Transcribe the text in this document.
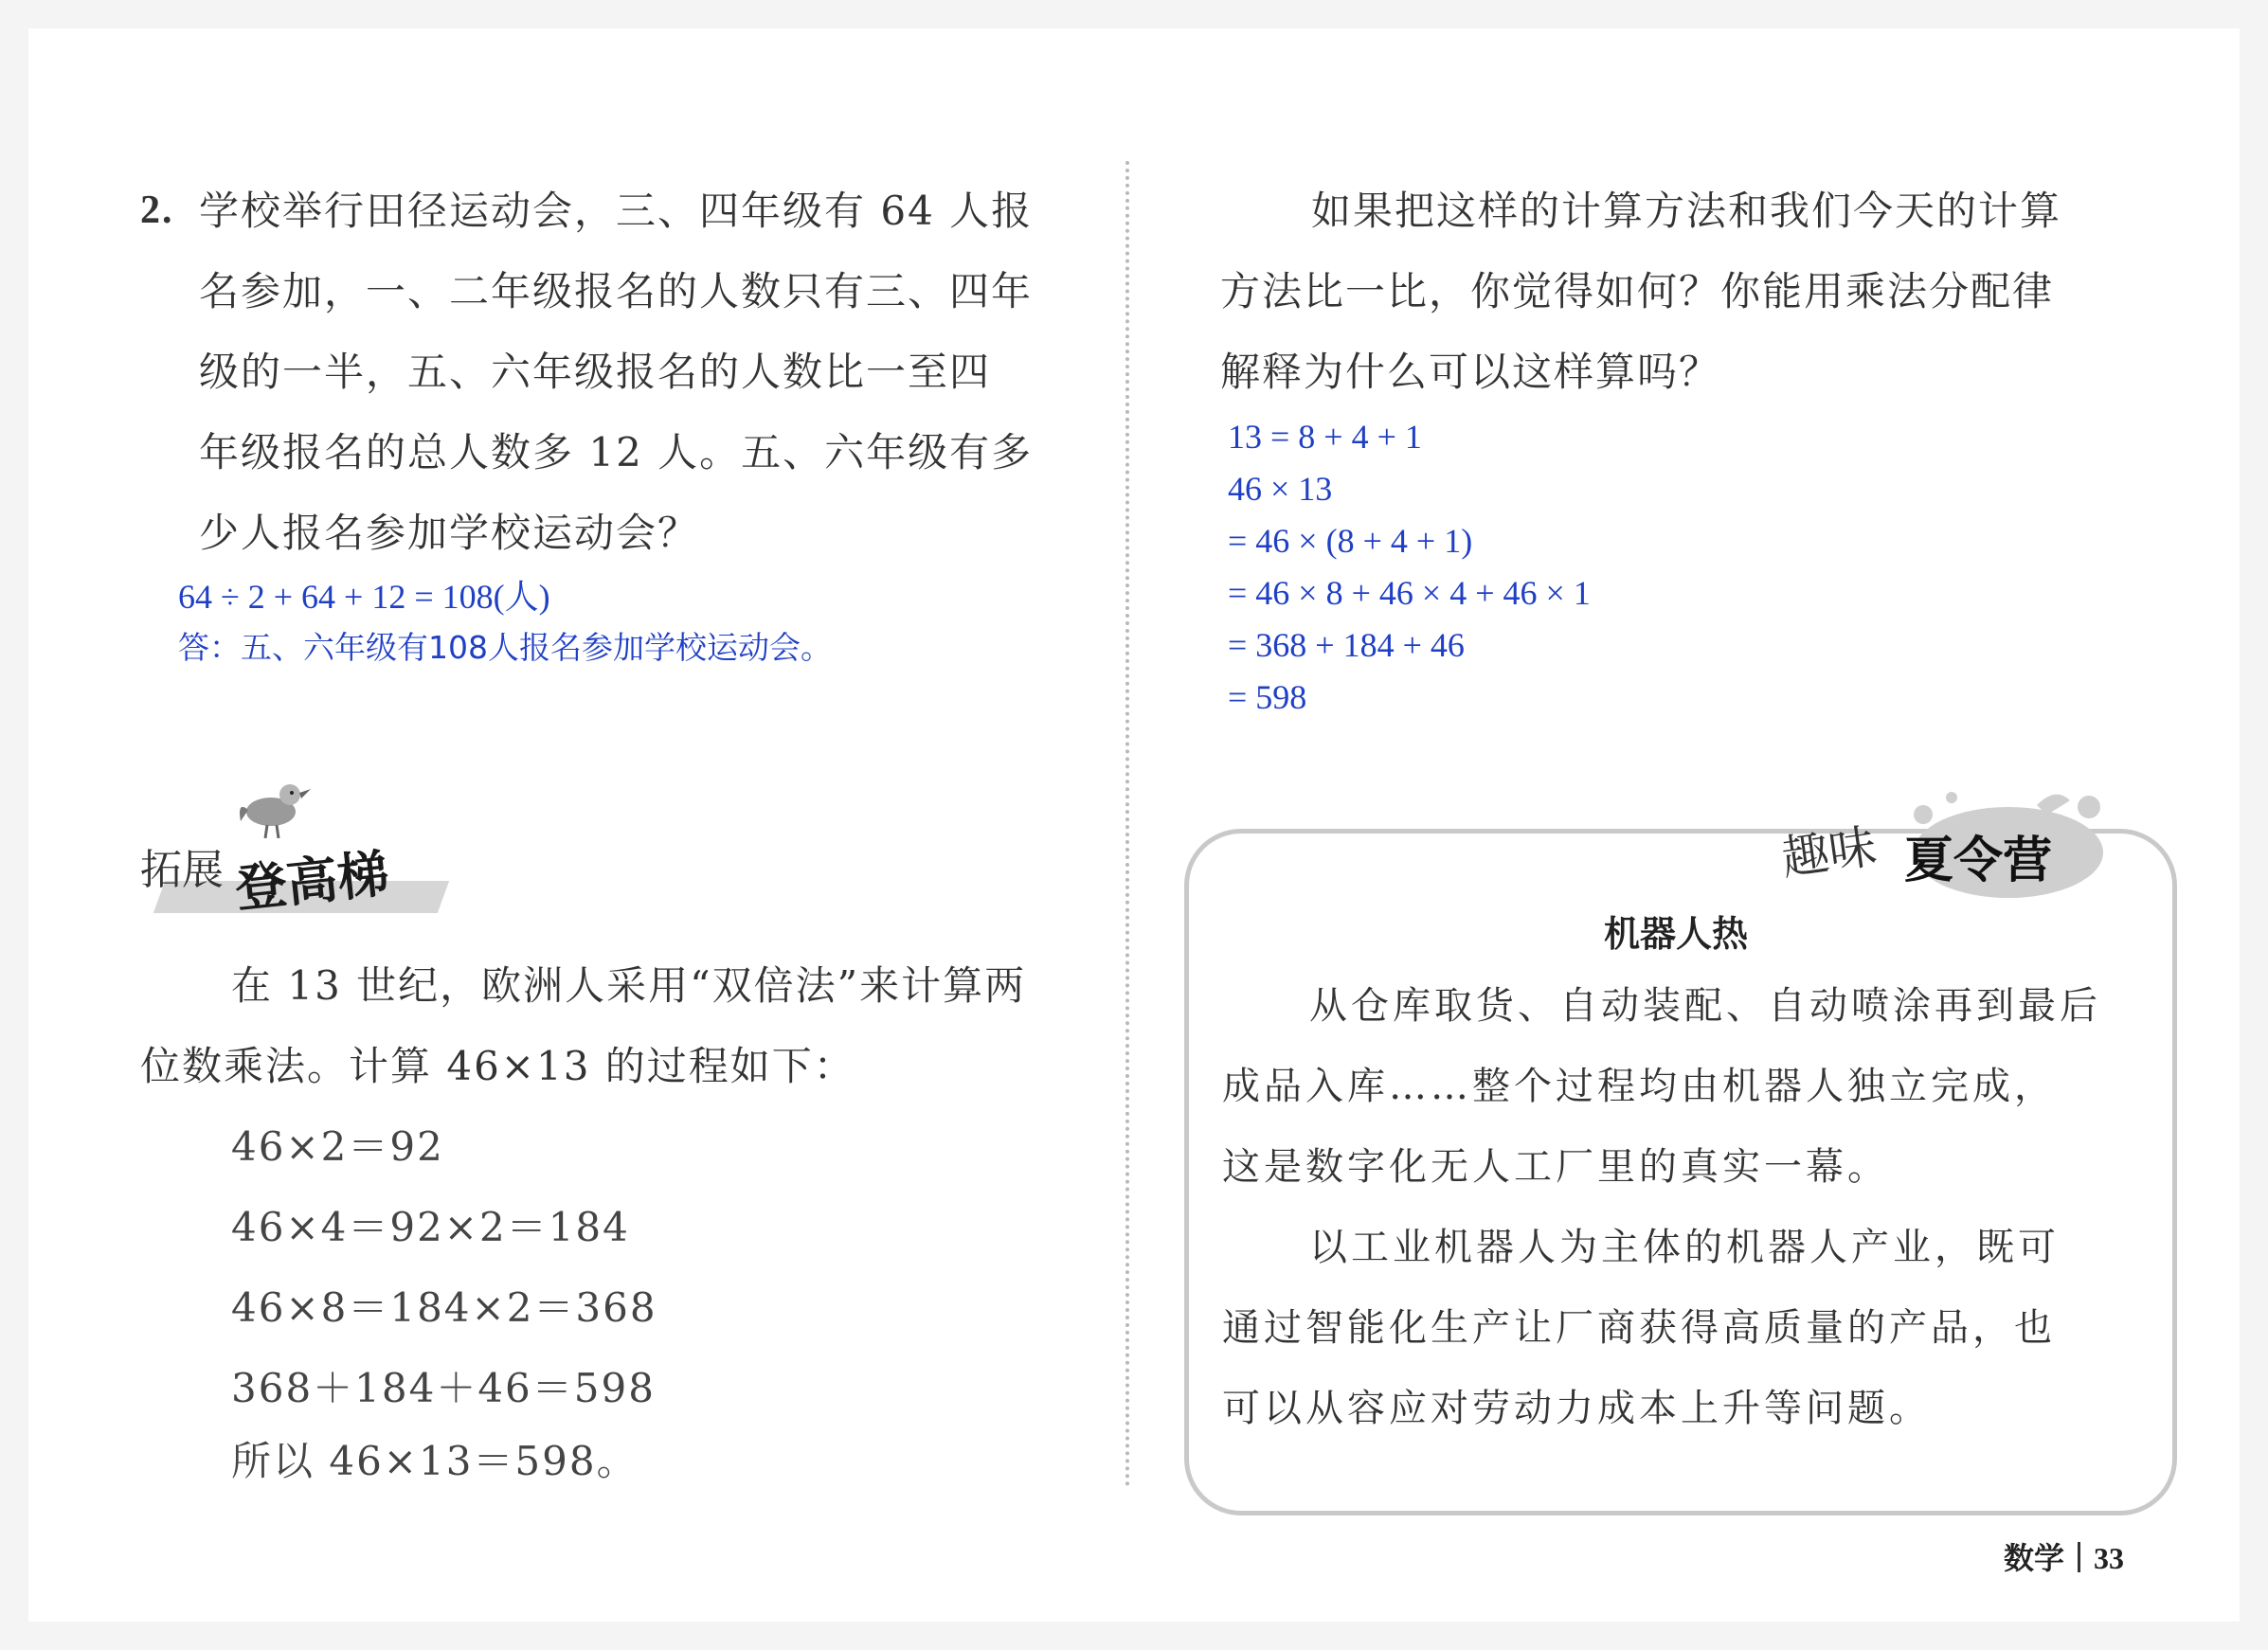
2. 学校举行田径运动会，三、四年级有 64 人报
名参加，一、二年级报名的人数只有三、四年
级的一半，五、六年级报名的人数比一至四
年级报名的总人数多 12 人。五、六年级有多
少人报名参加学校运动会？
64 ÷ 2 + 64 + 12 = 108(人)
答：五、六年级有108人报名参加学校运动会。
拓展 登高梯
在 13 世纪，欧洲人采用“双倍法”来计算两
位数乘法。计算 46×13 的过程如下：
46×2＝92
46×4＝92×2＝184
46×8＝184×2＝368
368＋184＋46＝598
所以 46×13＝598。
如果把这样的计算方法和我们今天的计算
方法比一比，你觉得如何？你能用乘法分配律
解释为什么可以这样算吗？
13 = 8 + 4 + 1
46 × 13
= 46 × (8 + 4 + 1)
= 46 × 8 + 46 × 4 + 46 × 1
= 368 + 184 + 46
= 598
趣味 夏令营
机器人热
从仓库取货、自动装配、自动喷涂再到最后
成品入库……整个过程均由机器人独立完成，
这是数字化无人工厂里的真实一幕。
以工业机器人为主体的机器人产业，既可
通过智能化生产让厂商获得高质量的产品，也
可以从容应对劳动力成本上升等问题。
数学 33
